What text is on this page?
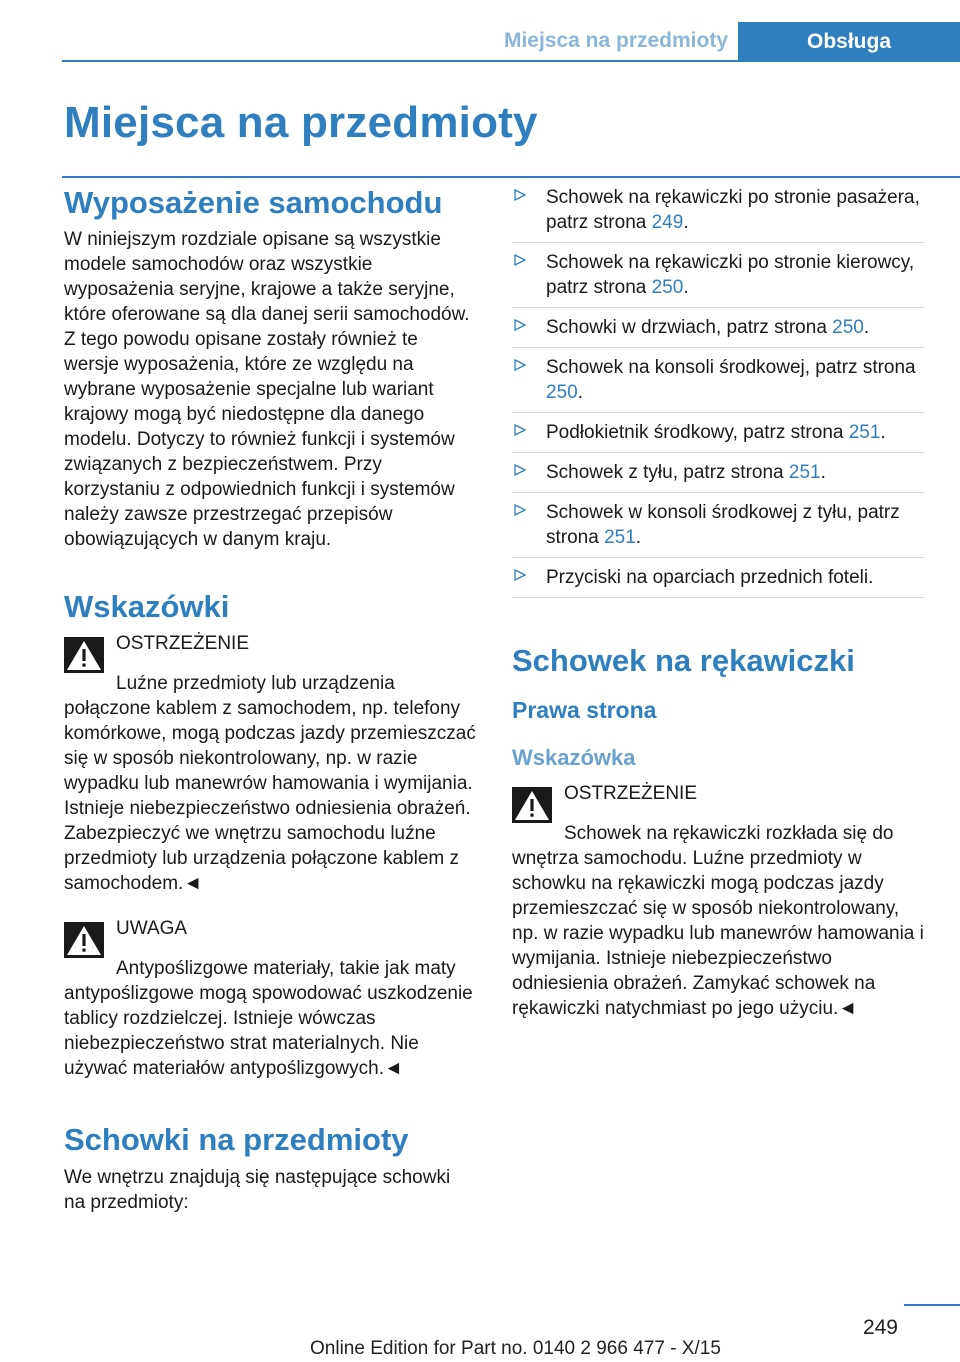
Miejsca na przedmioty	Obsługa
Miejsca na przedmioty
Wyposażenie samochodu

W niniejszym rozdziale opisane są wszystkie modele samochodów oraz wszystkie wyposażenia seryjne, krajowe a także seryjne, które oferowane są dla danej serii samochodów. Z tego powodu opisane zostały również te wersje wyposażenia, które ze względu na wybrane wyposażenie specjalne lub wariant krajowy mogą być niedostępne dla danego modelu. Dotyczy to również funkcji i systemów związanych z bezpieczeństwem. Przy korzystaniu z odpowiednich funkcji i systemów należy zawsze przestrzegać przepisów obowiązujących w danym kraju.

Wskazówki
OSTRZEŻENIE

Luźne przedmioty lub urządzenia połączone kablem z samochodem, np. telefony komórkowe, mogą podczas jazdy przemieszczać się w sposób niekontrolowany, np. w razie wypadku lub manewrów hamowania i wymijania. Istnieje niebezpieczeństwo odniesienia obrażeń. Zabezpieczyć we wnętrzu samochodu luźne przedmioty lub urządzenia połączone kablem z samochodem.◄

UWAGA

Antypoślizgowe materiały, takie jak maty antypoślizgowe mogą spowodować uszkodzenie tablicy rozdzielczej. Istnieje wówczas niebezpieczeństwo strat materialnych. Nie używać materiałów antypoślizgowych.◄

Schowki na przedmioty

We wnętrzu znajdują się następujące schowki na przedmioty:

Schowek na rękawiczki po stronie pasażera, patrz strona 249.
Schowek na rękawiczki po stronie kierowcy, patrz strona 250.
Schowki w drzwiach, patrz strona 250.
Schowek na konsoli środkowej, patrz strona 250.
Podłokietnik środkowy, patrz strona 251.
Schowek z tyłu, patrz strona 251.
Schowek w konsoli środkowej z tyłu, patrz strona 251.
Przyciski na oparciach przednich foteli.
Schowek na rękawiczki
Prawa strona
Wskazówka
OSTRZEŻENIE

Schowek na rękawiczki rozkłada się do wnętrza samochodu. Luźne przedmioty w schowku na rękawiczki mogą podczas jazdy przemieszczać się w sposób niekontrolowany, np. w razie wypadku lub manewrów hamowania i wymijania. Istnieje niebezpieczeństwo odniesienia obrażeń. Zamykać schowek na rękawiczki natychmiast po jego użyciu.◄

249
Online Edition for Part no. 0140 2 966 477 - X/15
